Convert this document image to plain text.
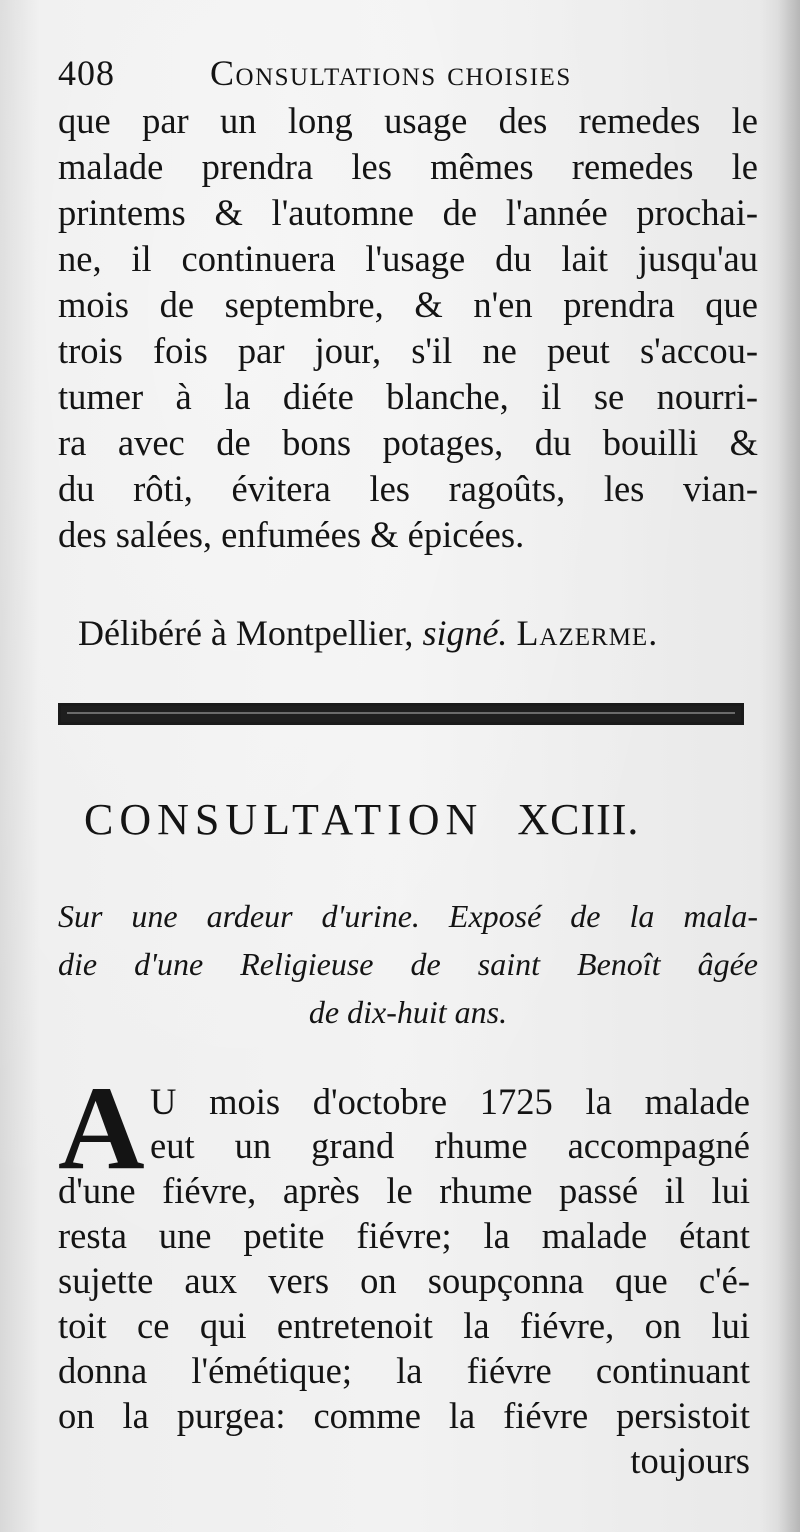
408	Consultations choisies
que par un long usage des remedes le
malade prendra les mêmes remedes le
printems & l'automne de l'année prochai-
ne, il continuera l'usage du lait jusqu'au
mois de septembre, & n'en prendra que
trois fois par jour, s'il ne peut s'accou-
tumer à la diéte blanche, il se nourri-
ra avec de bons potages, du bouilli &
du rôti, évitera les ragoûts, les vian-
des salées, enfumées & épicées.
Délibéré à Montpellier, signé. Lazerme.
CONSULTATION XCIII.
Sur une ardeur d'urine. Exposé de la mala-
die d'une Religieuse de saint Benoît âgée
de dix-huit ans.
A U mois d'octobre 1725 la malade
eut un grand rhume accompagné
d'une fiévre, après le rhume passé il lui
resta une petite fiévre; la malade étant
sujette aux vers on soupçonna que c'é-
toit ce qui entretenoit la fiévre, on lui
donna l'émétique; la fiévre continuant
on la purgea: comme la fiévre persistoit
toujours
